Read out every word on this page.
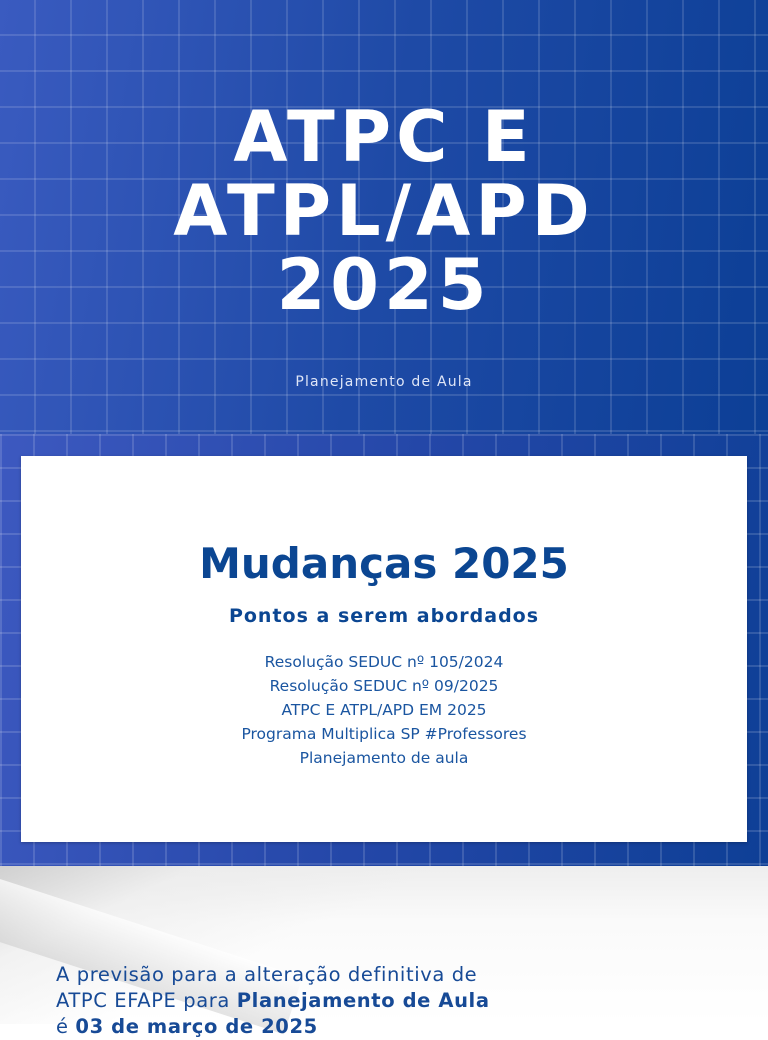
ATPC E
ATPL/APD
2025
Planejamento de Aula
Mudanças 2025
Pontos a serem abordados
Resolução SEDUC nº 105/2024
Resolução SEDUC nº 09/2025
ATPC E ATPL/APD EM 2025
Programa Multiplica SP #Professores
Planejamento de aula
A previsão para a alteração definitiva de
ATPC EFAPE para Planejamento de Aula
é 03 de março de 2025
